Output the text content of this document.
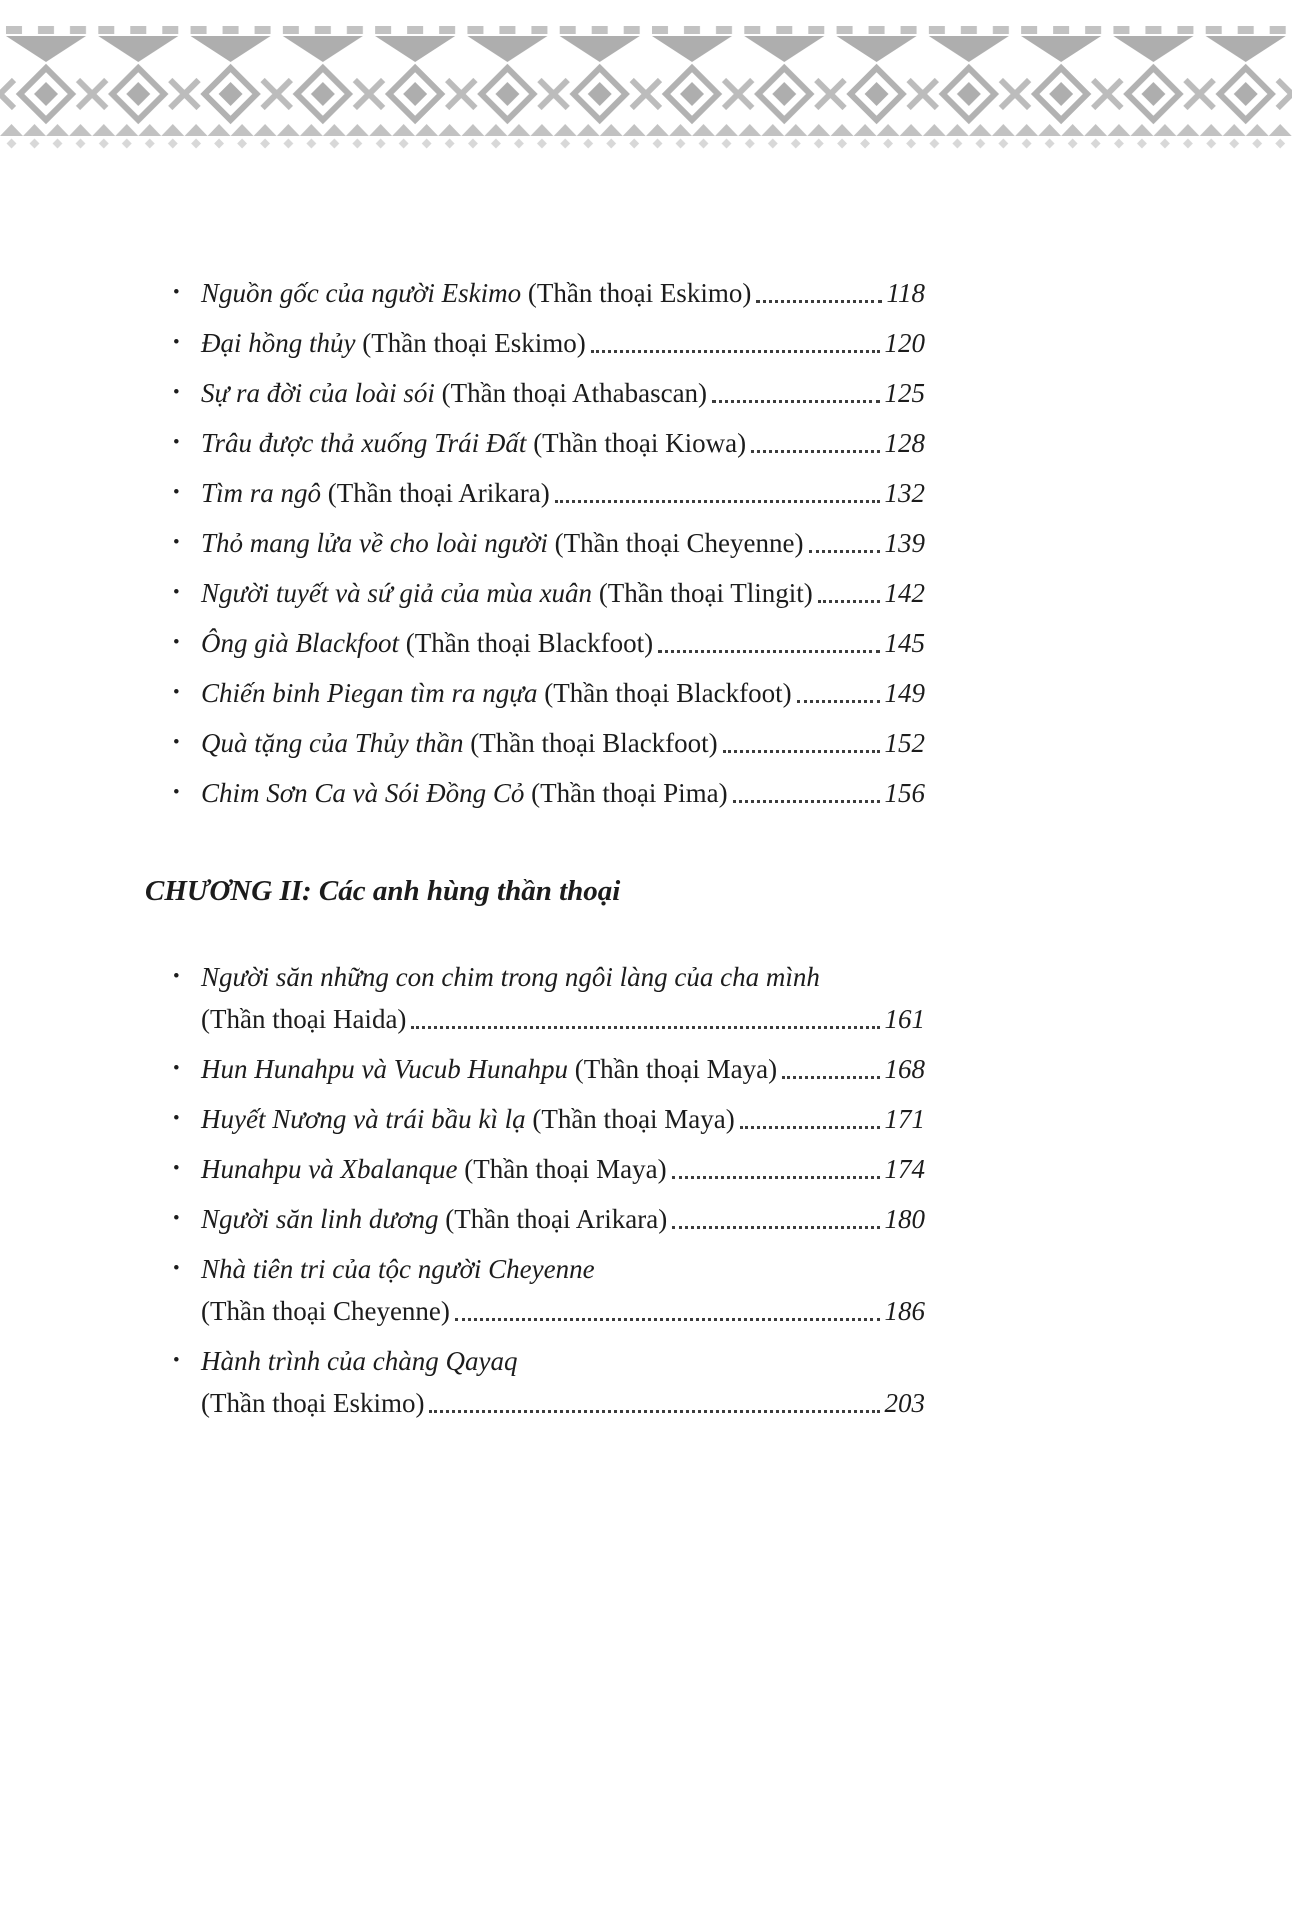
• Nguồn gốc của người Eskimo (Thần thoại Eskimo)	118
• Đại hồng thủy (Thần thoại Eskimo)	120
• Sự ra đời của loài sói (Thần thoại Athabascan)	125
• Trâu được thả xuống Trái Đất (Thần thoại Kiowa)	128
• Tìm ra ngô (Thần thoại Arikara)	132
• Thỏ mang lửa về cho loài người (Thần thoại Cheyenne)	139
• Người tuyết và sứ giả của mùa xuân (Thần thoại Tlingit)	142
• Ông già Blackfoot (Thần thoại Blackfoot)	145
• Chiến binh Piegan tìm ra ngựa (Thần thoại Blackfoot)	149
• Quà tặng của Thủy thần (Thần thoại Blackfoot)	152
• Chim Sơn Ca và Sói Đồng Cỏ (Thần thoại Pima)	156
CHƯƠNG II: Các anh hùng thần thoại
• Người săn những con chim trong ngôi làng của cha mình
(Thần thoại Haida)	161
• Hun Hunahpu và Vucub Hunahpu (Thần thoại Maya)	168
• Huyết Nương và trái bầu kì lạ (Thần thoại Maya)	171
• Hunahpu và Xbalanque (Thần thoại Maya)	174
• Người săn linh dương (Thần thoại Arikara)	180
• Nhà tiên tri của tộc người Cheyenne
(Thần thoại Cheyenne)	186
• Hành trình của chàng Qayaq
(Thần thoại Eskimo)	203
